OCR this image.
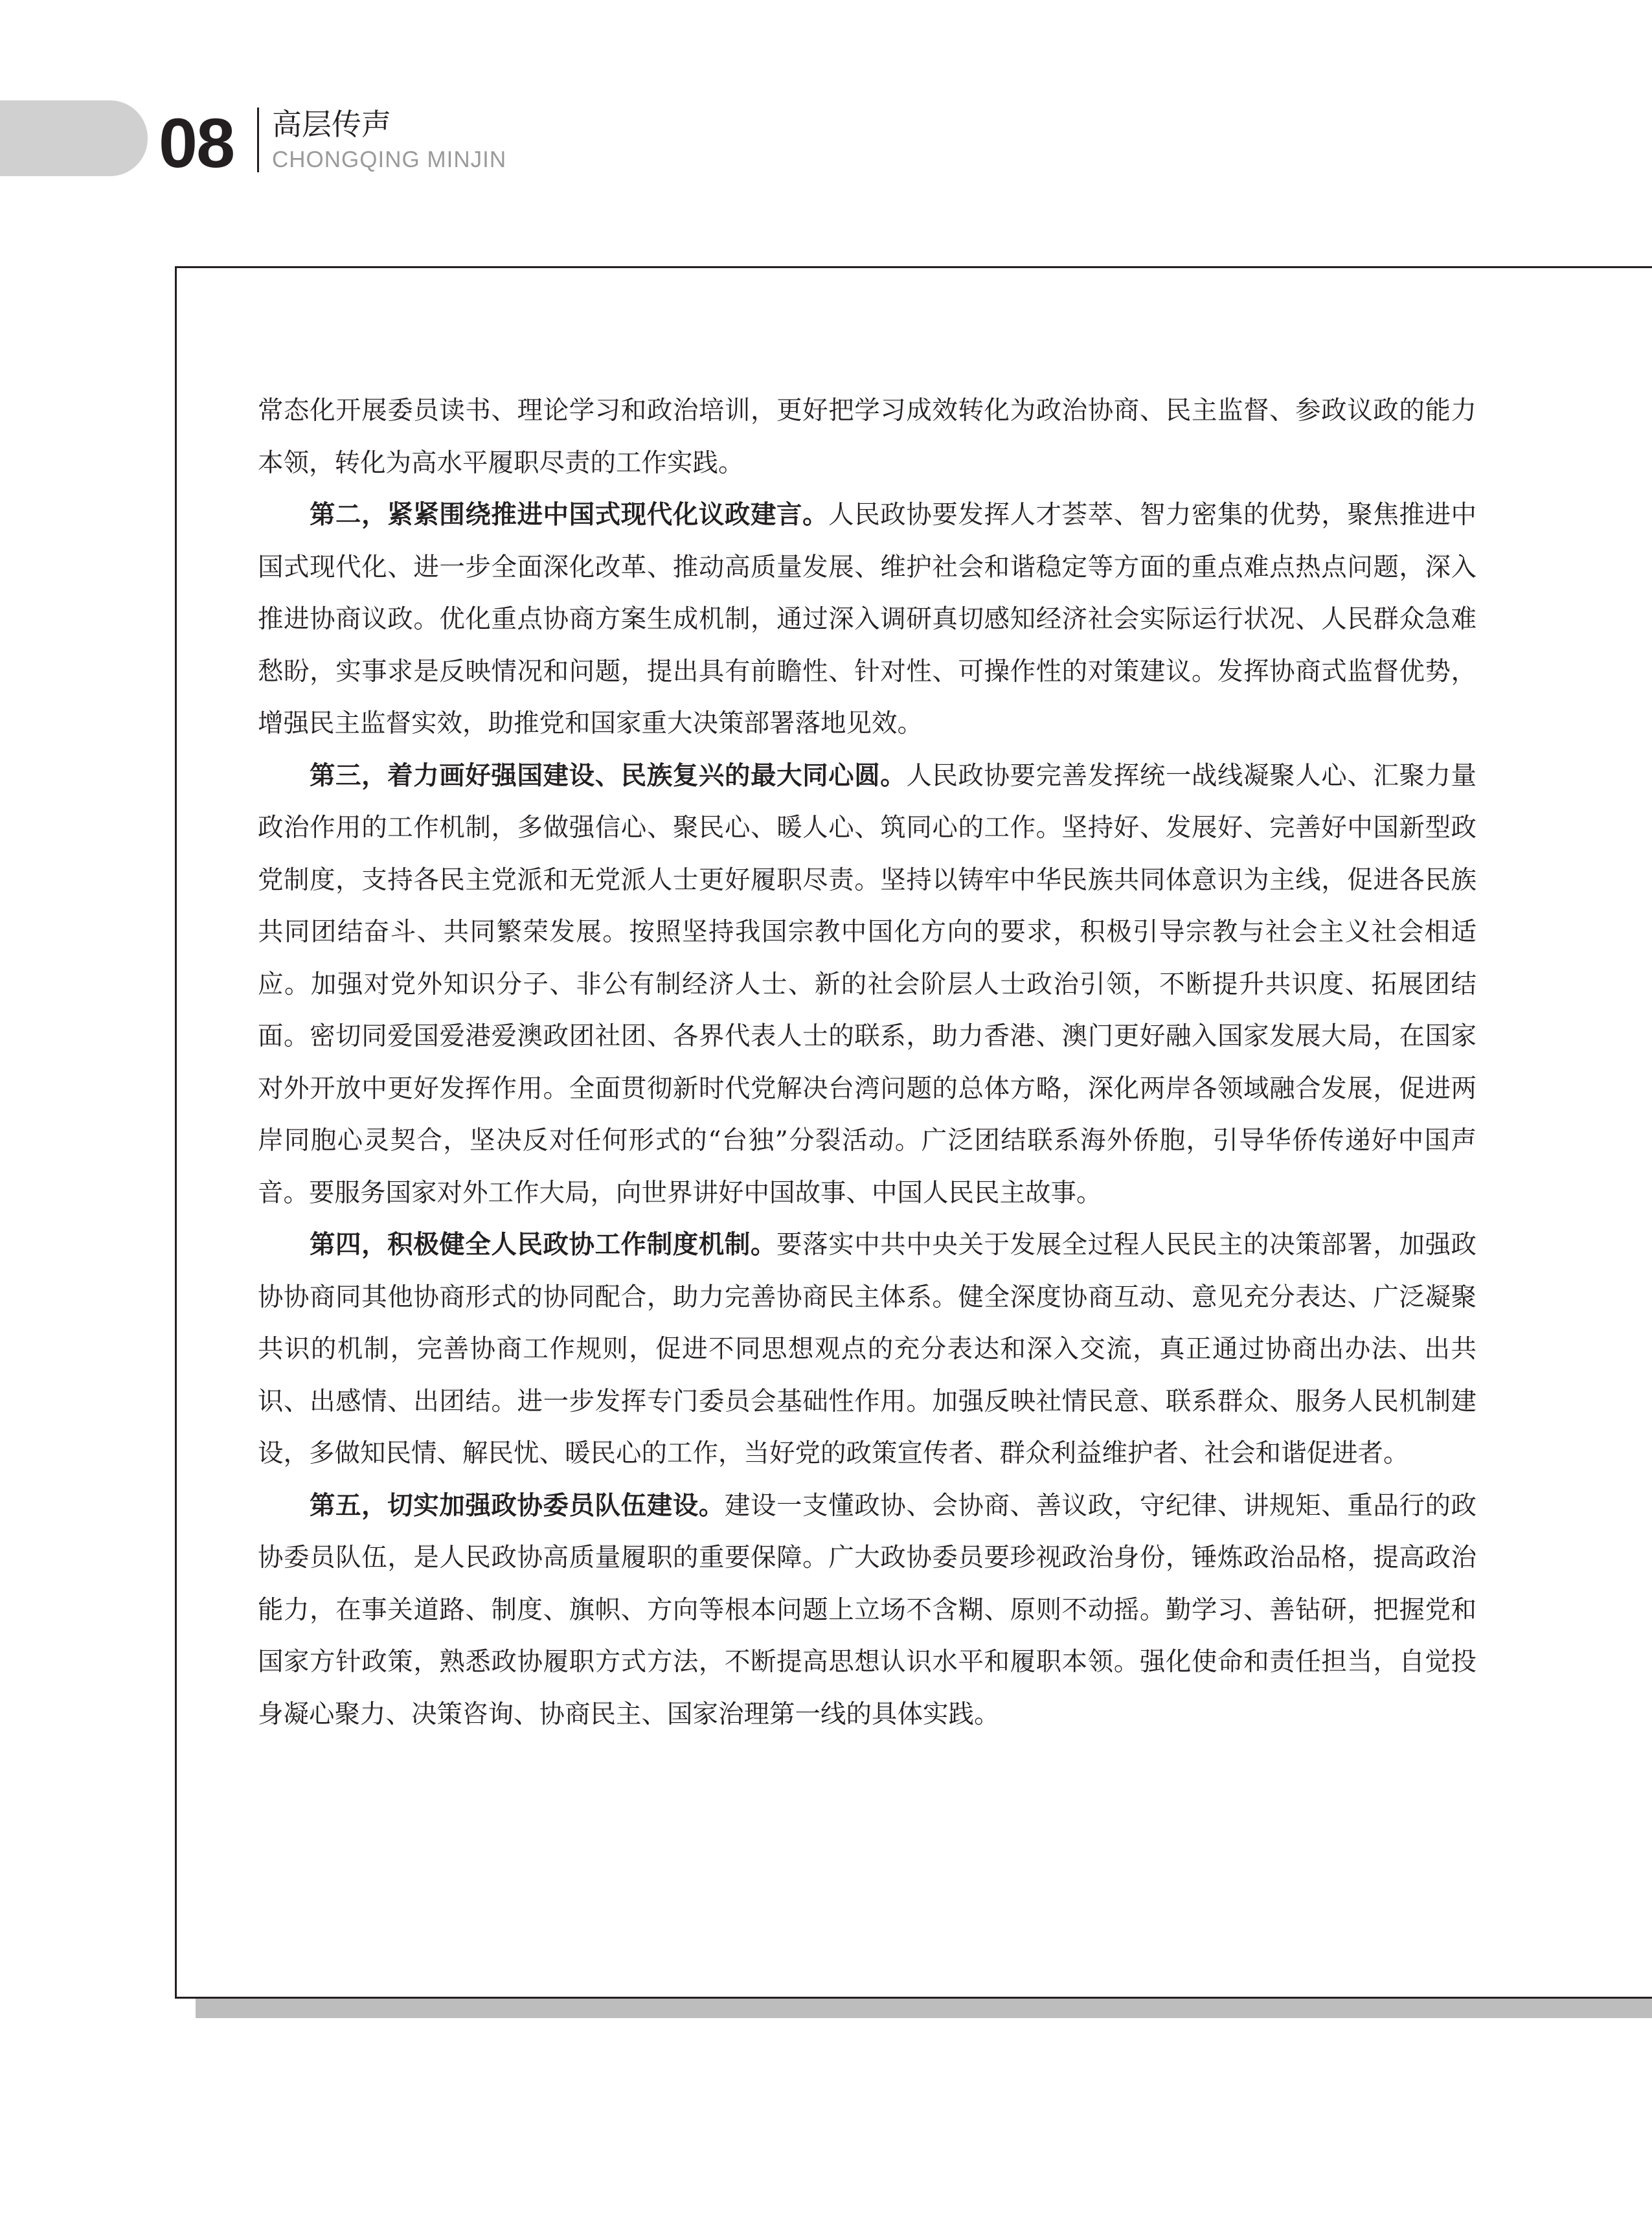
08 高层传声
CHONGQING MINJIN

常态化开展委员读书、理论学习和政治培训，更好把学习成效转化为政治协商、民主监督、参政议政的能力本领，转化为高水平履职尽责的工作实践。

第二，紧紧围绕推进中国式现代化议政建言。人民政协要发挥人才荟萃、智力密集的优势，聚焦推进中国式现代化、进一步全面深化改革、推动高质量发展、维护社会和谐稳定等方面的重点难点热点问题，深入推进协商议政。优化重点协商方案生成机制，通过深入调研真切感知经济社会实际运行状况、人民群众急难愁盼，实事求是反映情况和问题，提出具有前瞻性、针对性、可操作性的对策建议。发挥协商式监督优势，增强民主监督实效，助推党和国家重大决策部署落地见效。

第三，着力画好强国建设、民族复兴的最大同心圆。人民政协要完善发挥统一战线凝聚人心、汇聚力量政治作用的工作机制，多做强信心、聚民心、暖人心、筑同心的工作。坚持好、发展好、完善好中国新型政党制度，支持各民主党派和无党派人士更好履职尽责。坚持以铸牢中华民族共同体意识为主线，促进各民族共同团结奋斗、共同繁荣发展。按照坚持我国宗教中国化方向的要求，积极引导宗教与社会主义社会相适应。加强对党外知识分子、非公有制经济人士、新的社会阶层人士政治引领，不断提升共识度、拓展团结面。密切同爱国爱港爱澳政团社团、各界代表人士的联系，助力香港、澳门更好融入国家发展大局，在国家对外开放中更好发挥作用。全面贯彻新时代党解决台湾问题的总体方略，深化两岸各领域融合发展，促进两岸同胞心灵契合，坚决反对任何形式的“台独”分裂活动。广泛团结联系海外侨胞，引导华侨传递好中国声音。要服务国家对外工作大局，向世界讲好中国故事、中国人民民主故事。

第四，积极健全人民政协工作制度机制。要落实中共中央关于发展全过程人民民主的决策部署，加强政协协商同其他协商形式的协同配合，助力完善协商民主体系。健全深度协商互动、意见充分表达、广泛凝聚共识的机制，完善协商工作规则，促进不同思想观点的充分表达和深入交流，真正通过协商出办法、出共识、出感情、出团结。进一步发挥专门委员会基础性作用。加强反映社情民意、联系群众、服务人民机制建设，多做知民情、解民忧、暖民心的工作，当好党的政策宣传者、群众利益维护者、社会和谐促进者。

第五，切实加强政协委员队伍建设。建设一支懂政协、会协商、善议政，守纪律、讲规矩、重品行的政协委员队伍，是人民政协高质量履职的重要保障。广大政协委员要珍视政治身份，锤炼政治品格，提高政治能力，在事关道路、制度、旗帜、方向等根本问题上立场不含糊、原则不动摇。勤学习、善钻研，把握党和国家方针政策，熟悉政协履职方式方法，不断提高思想认识水平和履职本领。强化使命和责任担当，自觉投身凝心聚力、决策咨询、协商民主、国家治理第一线的具体实践。
